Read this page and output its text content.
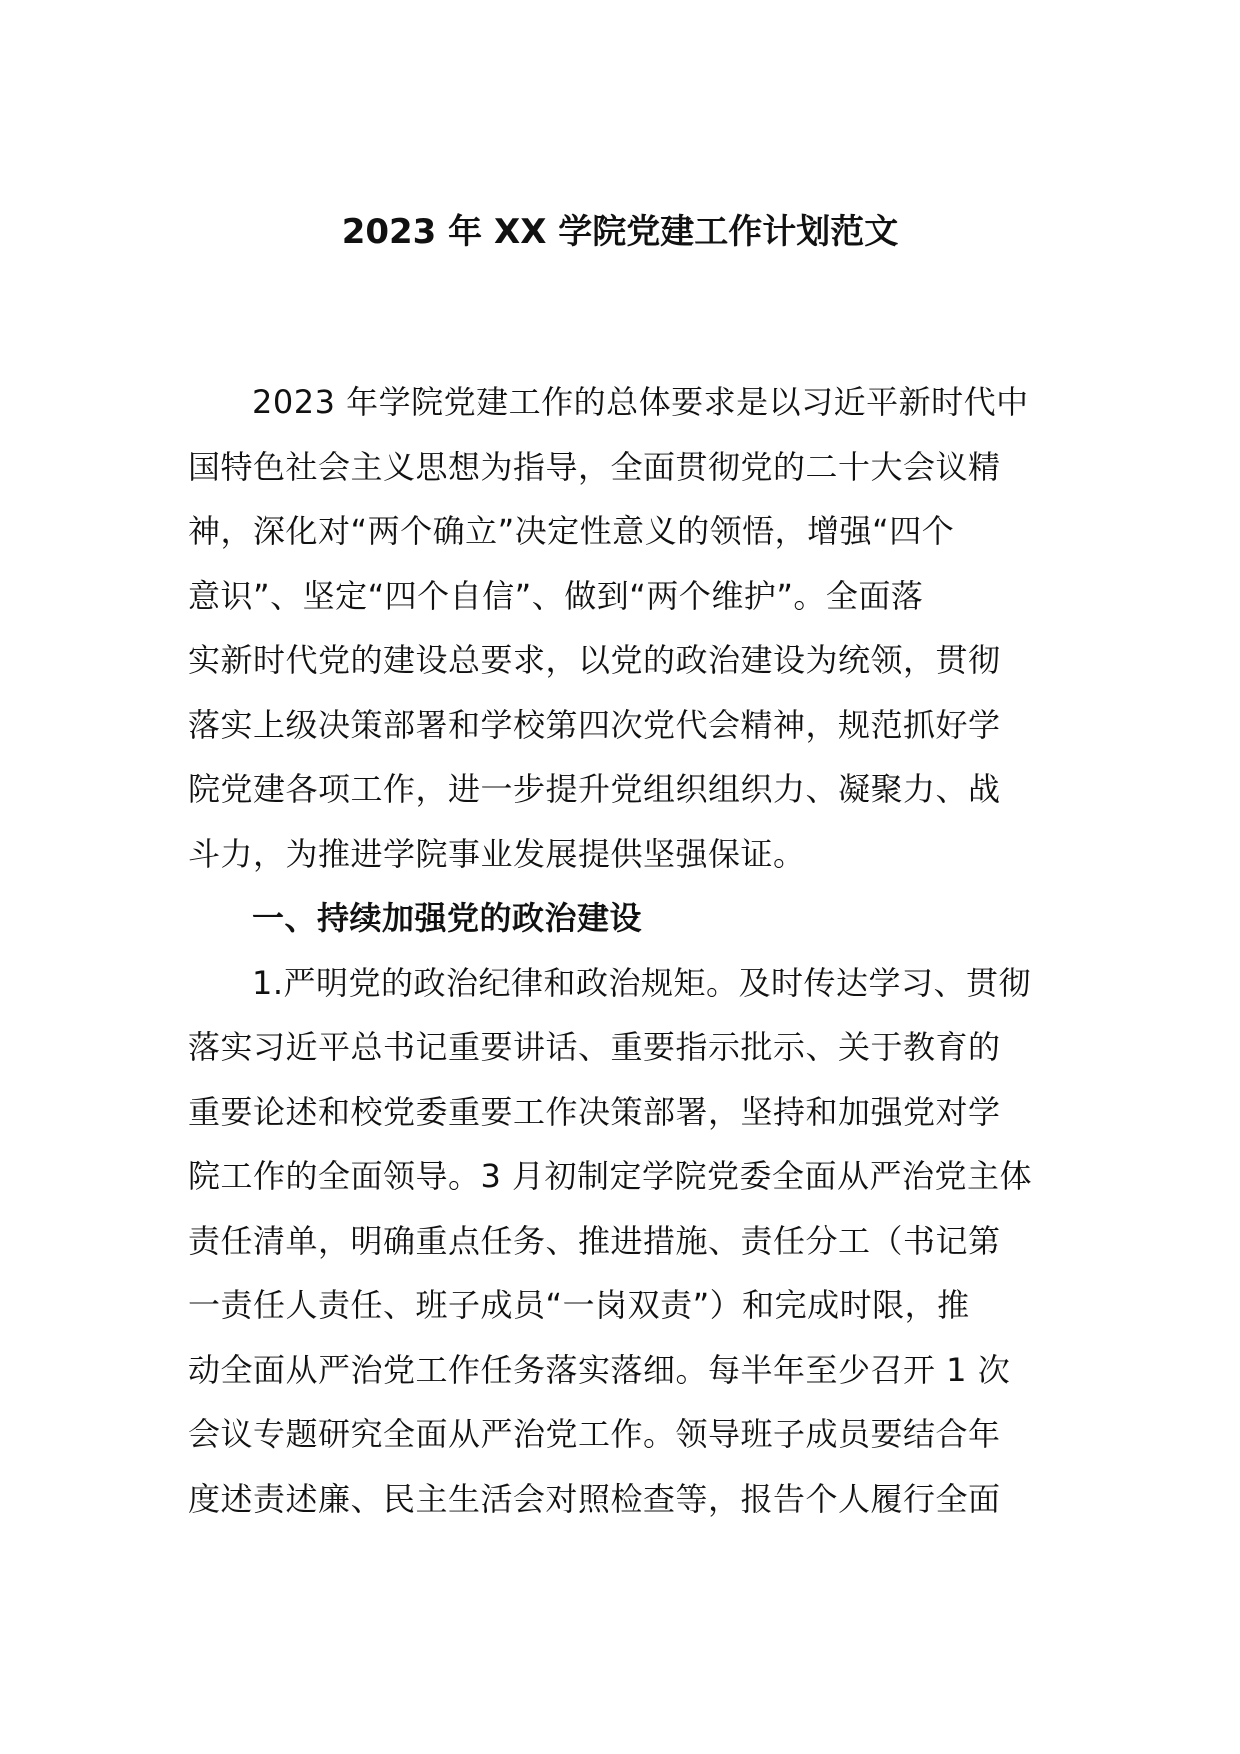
2023 年 XX 学院党建工作计划范文
2023 年学院党建工作的总体要求是以习近平新时代中
国特色社会主义思想为指导，全面贯彻党的二十大会议精
神，深化对“两个确立”决定性意义的领悟，增强“四个
意识”、坚定“四个自信”、做到“两个维护”。全面落
实新时代党的建设总要求，以党的政治建设为统领，贯彻
落实上级决策部署和学校第四次党代会精神，规范抓好学
院党建各项工作，进一步提升党组织组织力、凝聚力、战
斗力，为推进学院事业发展提供坚强保证。
一、持续加强党的政治建设
1.严明党的政治纪律和政治规矩。及时传达学习、贯彻
落实习近平总书记重要讲话、重要指示批示、关于教育的
重要论述和校党委重要工作决策部署，坚持和加强党对学
院工作的全面领导。3 月初制定学院党委全面从严治党主体
责任清单，明确重点任务、推进措施、责任分工（书记第
一责任人责任、班子成员“一岗双责”）和完成时限，推
动全面从严治党工作任务落实落细。每半年至少召开 1 次
会议专题研究全面从严治党工作。领导班子成员要结合年
度述责述廉、民主生活会对照检查等，报告个人履行全面
